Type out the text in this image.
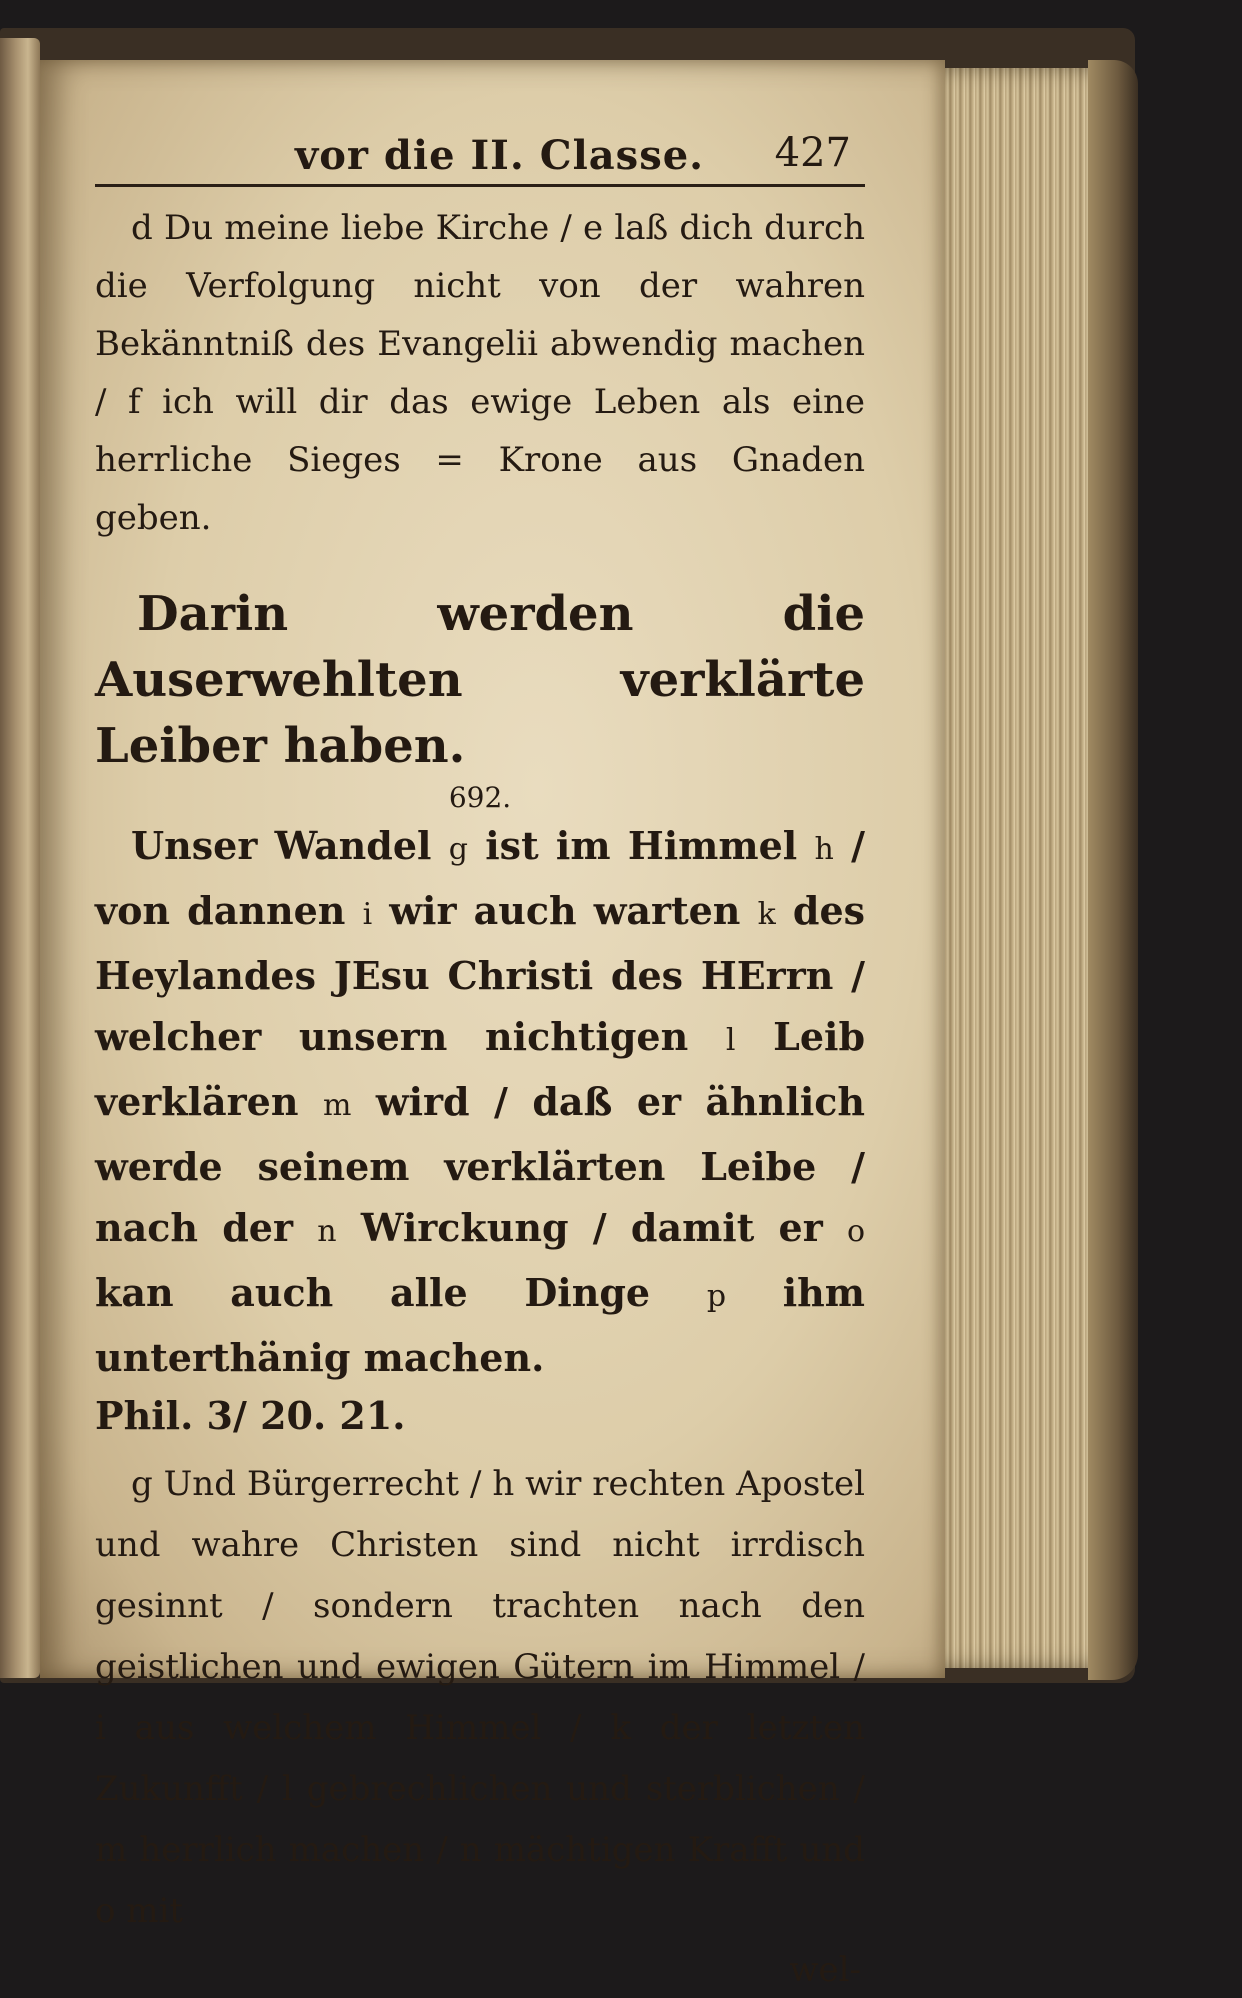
vor die II. Classe. 427

d Du meine liebe Kirche / e laß dich durch die Verfolgung nicht von der wahren Bekänntniß des Evangelii abwendig machen / f ich will dir das ewige Leben als eine herrliche Sieges = Krone aus Gnaden geben.

Darin werden die Auserwehlten verklärte Leiber haben.

692.

Unser Wandel g ist im Himmel h / von dannen i wir auch warten k des Heylandes JEsu Christi des HErrn / welcher unsern nichtigen l Leib verklären m wird / daß er ähnlich werde seinem verklärten Leibe / nach der n Wirckung / damit er o kan auch alle Dinge p ihm unterthänig machen.

Phil. 3/ 20. 21.

g Und Bürgerrecht / h wir rechten Apostel und wahre Christen sind nicht irrdisch gesinnt / sondern trachten nach den geistlichen und ewigen Gütern im Himmel / i aus welchem Himmel / k der letzten Zukunfft / l gebrechlichen und sterblichen / m herrlich machen / n mächtigen Krafft und o mit

wel-
